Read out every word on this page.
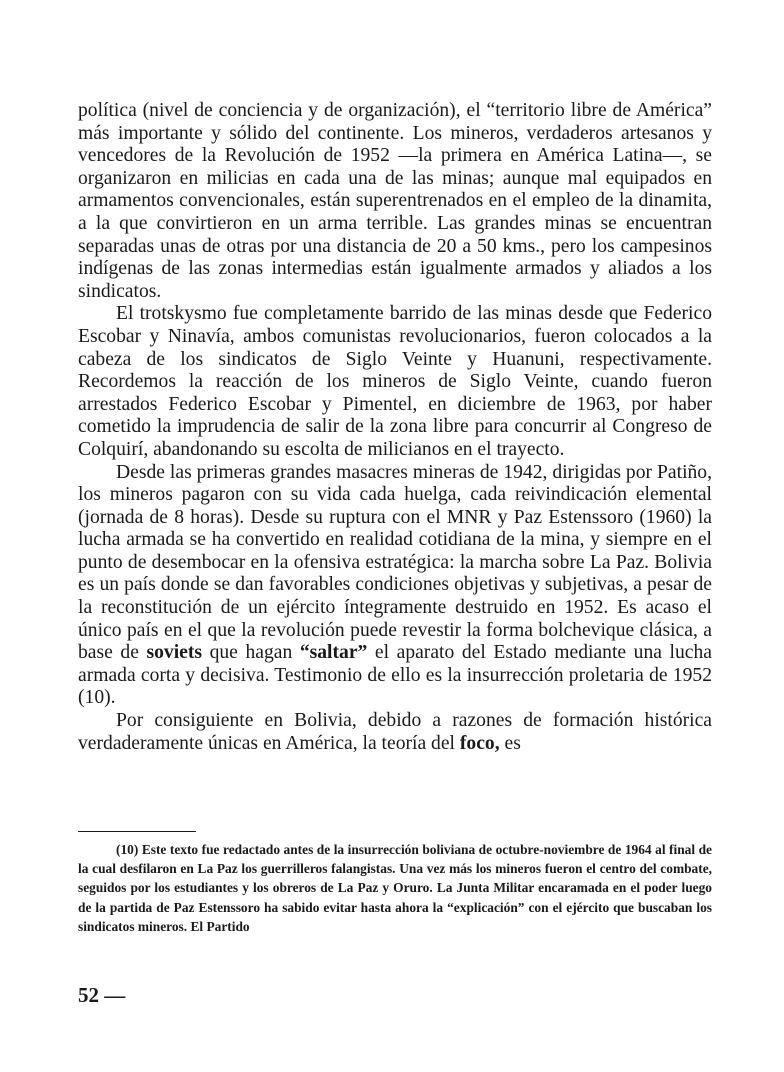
política (nivel de conciencia y de organización), el “territorio libre de América” más importante y sólido del continente. Los mineros, verdaderos artesanos y vencedores de la Revolución de 1952 —la primera en América Latina—, se organizaron en milicias en cada una de las minas; aunque mal equipados en armamentos convencionales, están superentrenados en el empleo de la dinamita, a la que convirtieron en un arma terrible. Las grandes minas se encuentran separadas unas de otras por una distancia de 20 a 50 kms., pero los campesinos indígenas de las zonas intermedias están igualmente armados y aliados a los sindicatos.

El trotskysmo fue completamente barrido de las minas desde que Federico Escobar y Ninavía, ambos comunistas revolucionarios, fueron colocados a la cabeza de los sindicatos de Siglo Veinte y Huanuni, respectivamente. Recordemos la reacción de los mineros de Siglo Veinte, cuando fueron arrestados Federico Escobar y Pimentel, en diciembre de 1963, por haber cometido la imprudencia de salir de la zona libre para concurrir al Congreso de Colquirí, abandonando su escolta de milicianos en el trayecto.

Desde las primeras grandes masacres mineras de 1942, dirigidas por Patiño, los mineros pagaron con su vida cada huelga, cada reivindicación elemental (jornada de 8 horas). Desde su ruptura con el MNR y Paz Estenssoro (1960) la lucha armada se ha convertido en realidad cotidiana de la mina, y siempre en el punto de desembocar en la ofensiva estratégica: la marcha sobre La Paz. Bolivia es un país donde se dan favorables condiciones objetivas y subjetivas, a pesar de la reconstitución de un ejército íntegramente destruido en 1952. Es acaso el único país en el que la revolución puede revestir la forma bolchevique clásica, a base de soviets que hagan “saltar” el aparato del Estado mediante una lucha armada corta y decisiva. Testimonio de ello es la insurrección proletaria de 1952 (10).

Por consiguiente en Bolivia, debido a razones de formación histórica verdaderamente únicas en América, la teoría del foco, es

(10) Este texto fue redactado antes de la insurrección boliviana de octubre-noviembre de 1964 al final de la cual desfilaron en La Paz los guerrilleros falangistas. Una vez más los mineros fueron el centro del combate, seguidos por los estudiantes y los obreros de La Paz y Oruro. La Junta Militar encaramada en el poder luego de la partida de Paz Estenssoro ha sabido evitar hasta ahora la “explicación” con el ejército que buscaban los sindicatos mineros. El Partido
52 —
